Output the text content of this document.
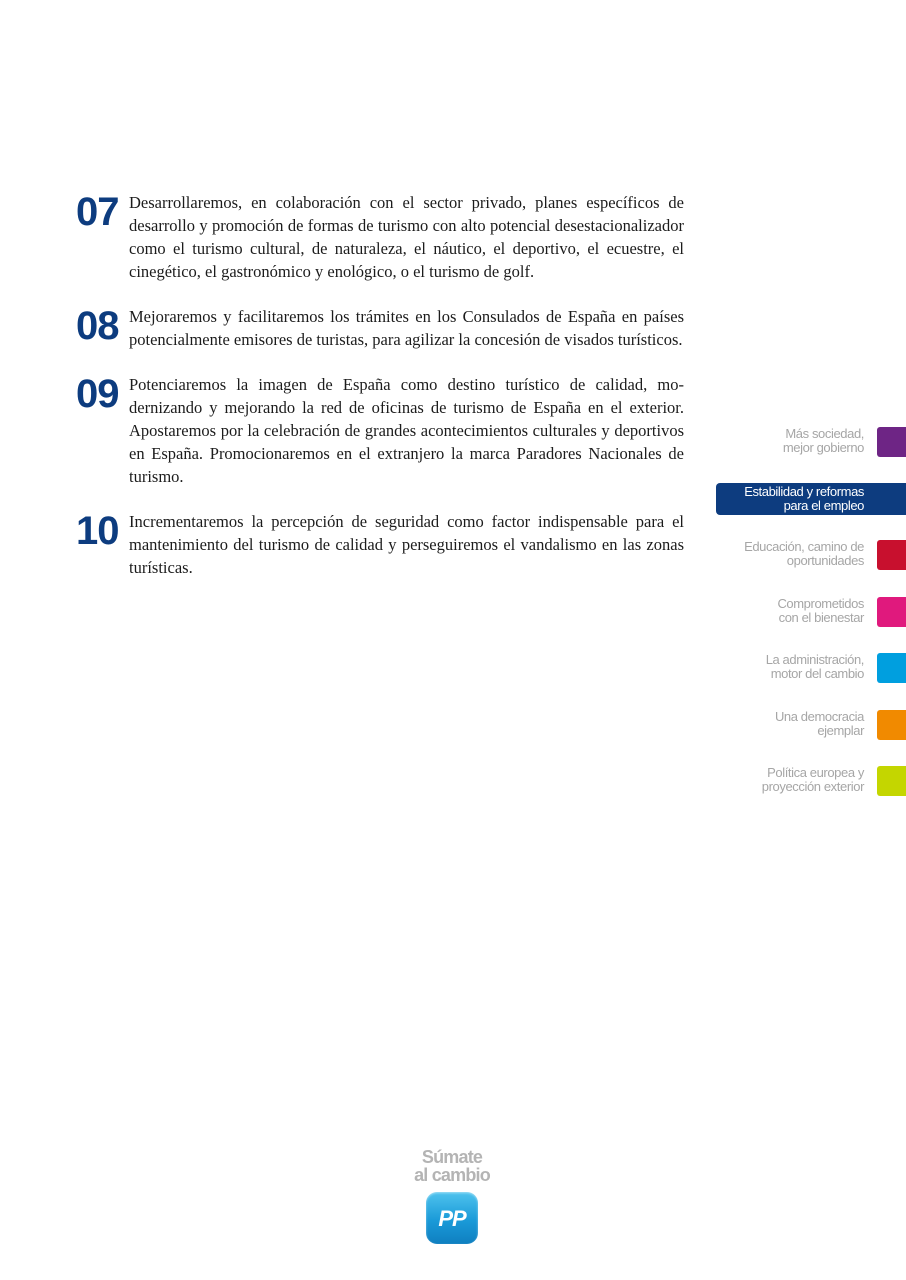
07 Desarrollaremos, en colaboración con el sector privado, planes específicos de desarrollo y promoción de formas de turismo con alto potencial desestacionalizador como el turismo cultural, de naturaleza, el náutico, el deportivo, el ecuestre, el cinegético, el gastronómico y enológico, o el turismo de golf.
08 Mejoraremos y facilitaremos los trámites en los Consulados de España en países potencialmente emisores de turistas, para agilizar la concesión de visados turísticos.
09 Potenciaremos la imagen de España como destino turístico de calidad, modernizando y mejorando la red de oficinas de turismo de España en el exterior. Apostaremos por la celebración de grandes acontecimientos culturales y deportivos en España. Promocionaremos en el extranjero la marca Paradores Nacionales de turismo.
10 Incrementaremos la percepción de seguridad como factor indispensable para el mantenimiento del turismo de calidad y perseguiremos el vandalismo en las zonas turísticas.
Más sociedad,
mejor gobierno
Estabilidad y reformas
para el empleo
Educación, camino de
oportunidades
Comprometidos
con el bienestar
La administración,
motor del cambio
Una democracia
ejemplar
Política europea y
proyección exterior
Súmate
al cambio
PP
